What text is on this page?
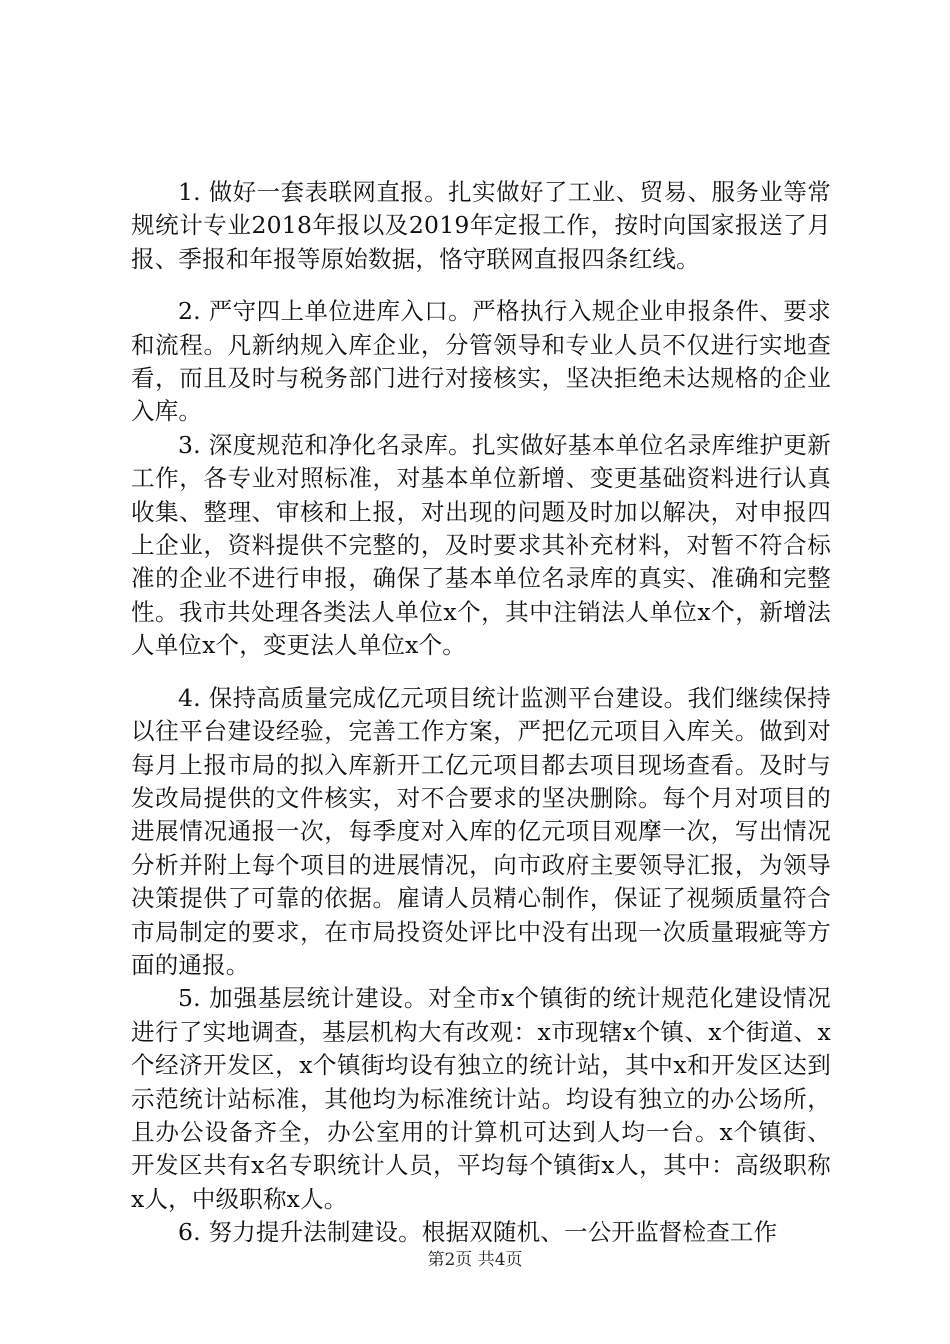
1. 做好一套表联网直报。扎实做好了工业、贸易、服务业等常规统计专业2018年报以及2019年定报工作，按时向国家报送了月报、季报和年报等原始数据，恪守联网直报四条红线。

2. 严守四上单位进库入口。严格执行入规企业申报条件、要求和流程。凡新纳规入库企业，分管领导和专业人员不仅进行实地查看，而且及时与税务部门进行对接核实，坚决拒绝未达规格的企业入库。

3. 深度规范和净化名录库。扎实做好基本单位名录库维护更新工作，各专业对照标准，对基本单位新增、变更基础资料进行认真收集、整理、审核和上报，对出现的问题及时加以解决，对申报四上企业，资料提供不完整的，及时要求其补充材料，对暂不符合标准的企业不进行申报，确保了基本单位名录库的真实、准确和完整性。我市共处理各类法人单位x个，其中注销法人单位x个，新增法人单位x个，变更法人单位x个。

4. 保持高质量完成亿元项目统计监测平台建设。我们继续保持以往平台建设经验，完善工作方案，严把亿元项目入库关。做到对每月上报市局的拟入库新开工亿元项目都去项目现场查看。及时与发改局提供的文件核实，对不合要求的坚决删除。每个月对项目的进展情况通报一次，每季度对入库的亿元项目观摩一次，写出情况分析并附上每个项目的进展情况，向市政府主要领导汇报，为领导决策提供了可靠的依据。雇请人员精心制作，保证了视频质量符合市局制定的要求，在市局投资处评比中没有出现一次质量瑕疵等方面的通报。

5. 加强基层统计建设。对全市x个镇街的统计规范化建设情况进行了实地调查，基层机构大有改观：x市现辖x个镇、x个街道、x个经济开发区，x个镇街均设有独立的统计站，其中x和开发区达到示范统计站标准，其他均为标准统计站。均设有独立的办公场所，且办公设备齐全，办公室用的计算机可达到人均一台。x个镇街、开发区共有x名专职统计人员，平均每个镇街x人，其中：高级职称x人，中级职称x人。

6. 努力提升法制建设。根据双随机、一公开监督检查工作

第2页 共4页
